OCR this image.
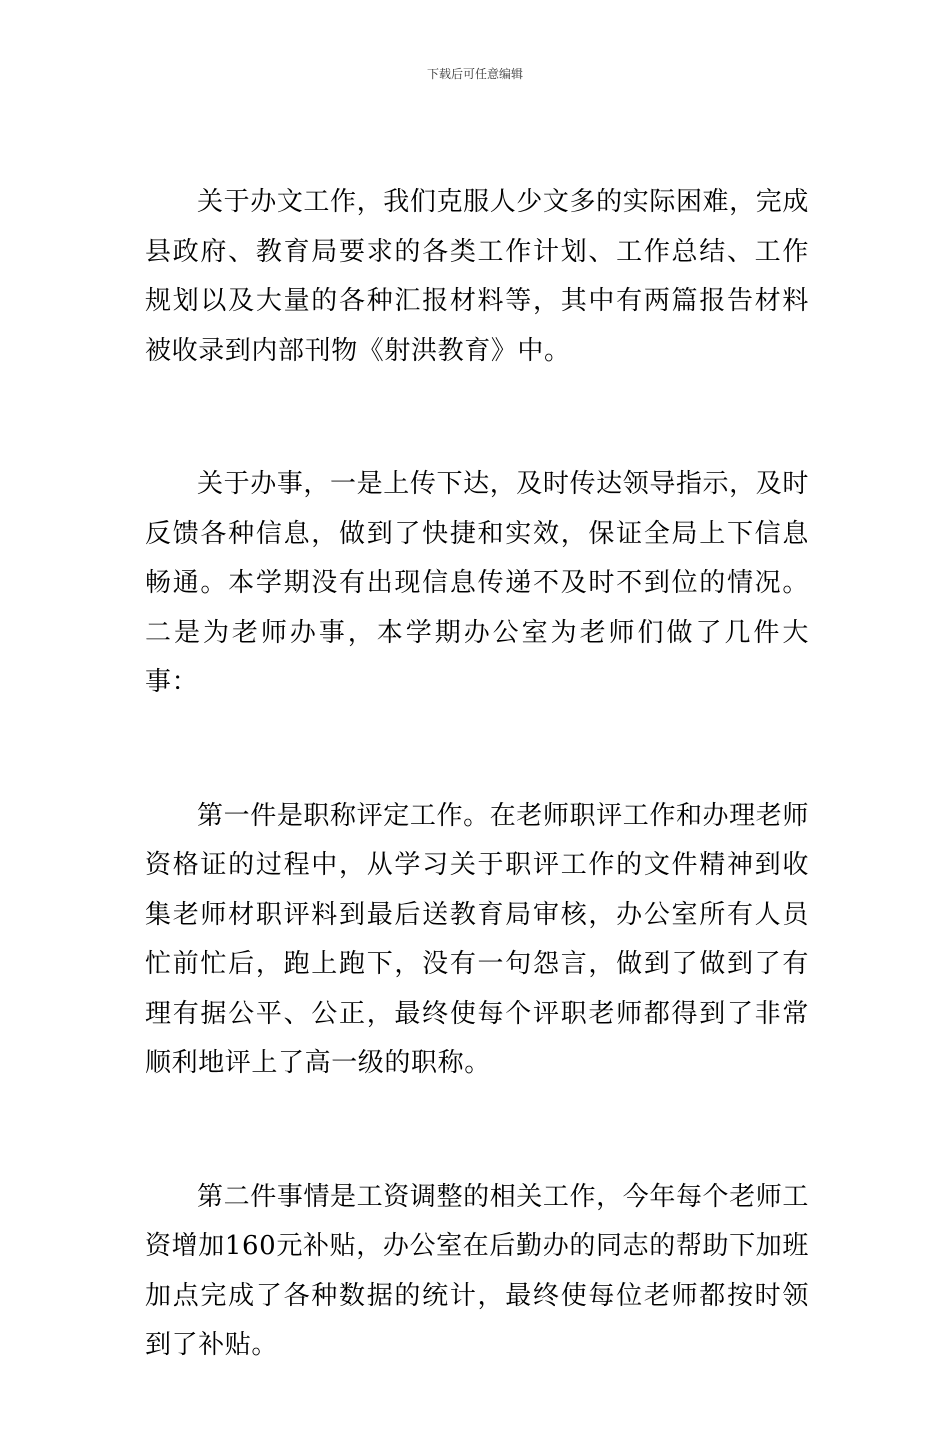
下载后可任意编辑

关于办文工作，我们克服人少文多的实际困难，完成县政府、教育局要求的各类工作计划、工作总结、工作规划以及大量的各种汇报材料等，其中有两篇报告材料被收录到内部刊物《射洪教育》中。

关于办事，一是上传下达，及时传达领导指示，及时反馈各种信息，做到了快捷和实效，保证全局上下信息畅通。本学期没有出现信息传递不及时不到位的情况。二是为老师办事，本学期办公室为老师们做了几件大事：

第一件是职称评定工作。在老师职评工作和办理老师资格证的过程中，从学习关于职评工作的文件精神到收集老师材职评料到最后送教育局审核，办公室所有人员忙前忙后，跑上跑下，没有一句怨言，做到了做到了有理有据公平、公正，最终使每个评职老师都得到了非常顺利地评上了高一级的职称。

第二件事情是工资调整的相关工作，今年每个老师工资增加160元补贴，办公室在后勤办的同志的帮助下加班加点完成了各种数据的统计，最终使每位老师都按时领到了补贴。
